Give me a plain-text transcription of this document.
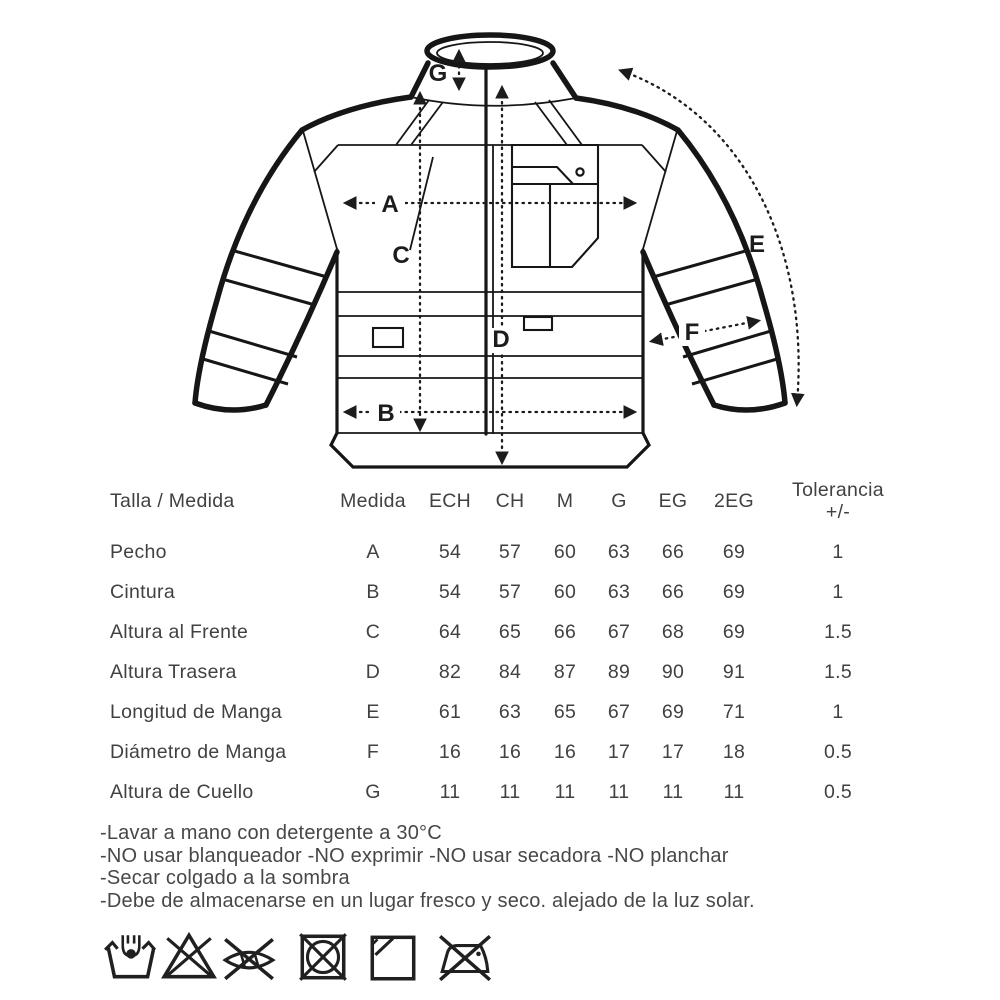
A
B
C
D
E
F
G
Talla / Medida	Medida	ECH	CH	M	G	EG	2EG	Tolerancia
+/-
Pecho	A	54	57	60	63	66	69	1
Cintura	B	54	57	60	63	66	69	1
Altura al Frente	C	64	65	66	67	68	69	1.5
Altura Trasera	D	82	84	87	89	90	91	1.5
Longitud de Manga	E	61	63	65	67	69	71	1
Diámetro de Manga	F	16	16	16	17	17	18	0.5
Altura de Cuello	G	11	11	11	11	11	11	0.5

-Lavar a mano con detergente a 30°C

-NO usar blanqueador -NO exprimir -NO usar secadora -NO planchar

-Secar colgado a la sombra

-Debe de almacenarse en un lugar fresco y seco. alejado de la luz solar.
